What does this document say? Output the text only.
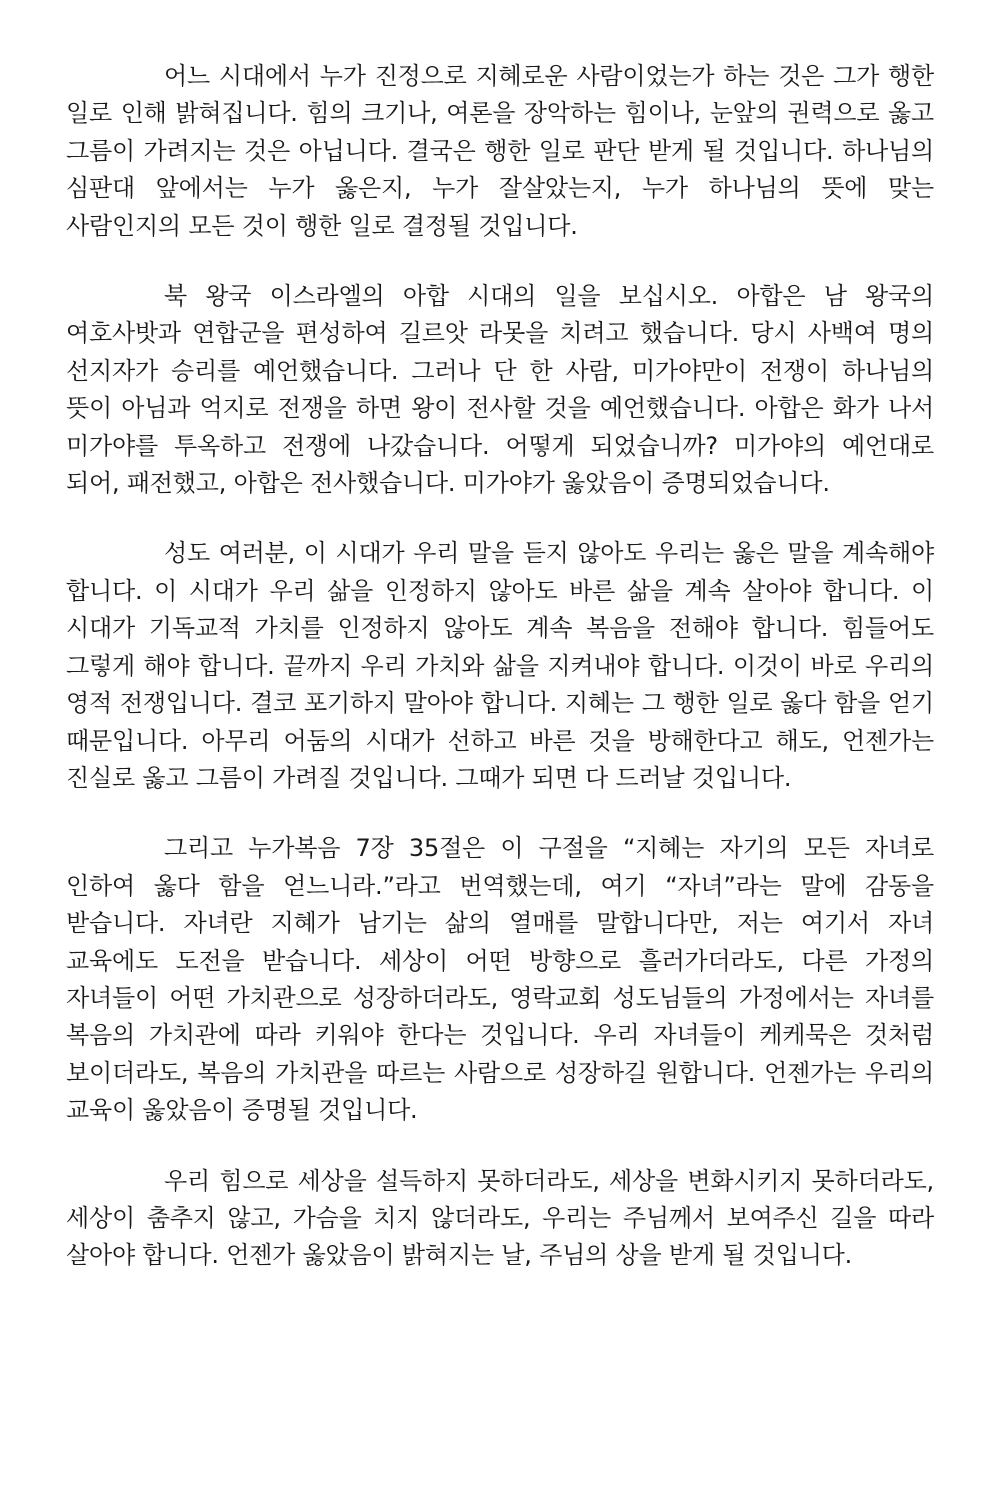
어느 시대에서 누가 진정으로 지혜로운 사람이었는가 하는 것은 그가 행한 일로 인해 밝혀집니다. 힘의 크기나, 여론을 장악하는 힘이나, 눈앞의 권력으로 옳고 그름이 가려지는 것은 아닙니다. 결국은 행한 일로 판단 받게 될 것입니다. 하나님의 심판대 앞에서는 누가 옳은지, 누가 잘살았는지, 누가 하나님의 뜻에 맞는 사람인지의 모든 것이 행한 일로 결정될 것입니다.

북 왕국 이스라엘의 아합 시대의 일을 보십시오. 아합은 남 왕국의 여호사밧과 연합군을 편성하여 길르앗 라못을 치려고 했습니다. 당시 사백여 명의 선지자가 승리를 예언했습니다. 그러나 단 한 사람, 미가야만이 전쟁이 하나님의 뜻이 아님과 억지로 전쟁을 하면 왕이 전사할 것을 예언했습니다. 아합은 화가 나서 미가야를 투옥하고 전쟁에 나갔습니다. 어떻게 되었습니까? 미가야의 예언대로 되어, 패전했고, 아합은 전사했습니다. 미가야가 옳았음이 증명되었습니다.

성도 여러분, 이 시대가 우리 말을 듣지 않아도 우리는 옳은 말을 계속해야 합니다. 이 시대가 우리 삶을 인정하지 않아도 바른 삶을 계속 살아야 합니다. 이 시대가 기독교적 가치를 인정하지 않아도 계속 복음을 전해야 합니다. 힘들어도 그렇게 해야 합니다. 끝까지 우리 가치와 삶을 지켜내야 합니다. 이것이 바로 우리의 영적 전쟁입니다. 결코 포기하지 말아야 합니다. 지혜는 그 행한 일로 옳다 함을 얻기 때문입니다. 아무리 어둠의 시대가 선하고 바른 것을 방해한다고 해도, 언젠가는 진실로 옳고 그름이 가려질 것입니다. 그때가 되면 다 드러날 것입니다.

그리고 누가복음 7장 35절은 이 구절을 “지혜는 자기의 모든 자녀로 인하여 옳다 함을 얻느니라.”라고 번역했는데, 여기 “자녀”라는 말에 감동을 받습니다. 자녀란 지혜가 남기는 삶의 열매를 말합니다만, 저는 여기서 자녀 교육에도 도전을 받습니다. 세상이 어떤 방향으로 흘러가더라도, 다른 가정의 자녀들이 어떤 가치관으로 성장하더라도, 영락교회 성도님들의 가정에서는 자녀를 복음의 가치관에 따라 키워야 한다는 것입니다. 우리 자녀들이 케케묵은 것처럼 보이더라도, 복음의 가치관을 따르는 사람으로 성장하길 원합니다. 언젠가는 우리의 교육이 옳았음이 증명될 것입니다.

우리 힘으로 세상을 설득하지 못하더라도, 세상을 변화시키지 못하더라도, 세상이 춤추지 않고, 가슴을 치지 않더라도, 우리는 주님께서 보여주신 길을 따라 살아야 합니다. 언젠가 옳았음이 밝혀지는 날, 주님의 상을 받게 될 것입니다.
